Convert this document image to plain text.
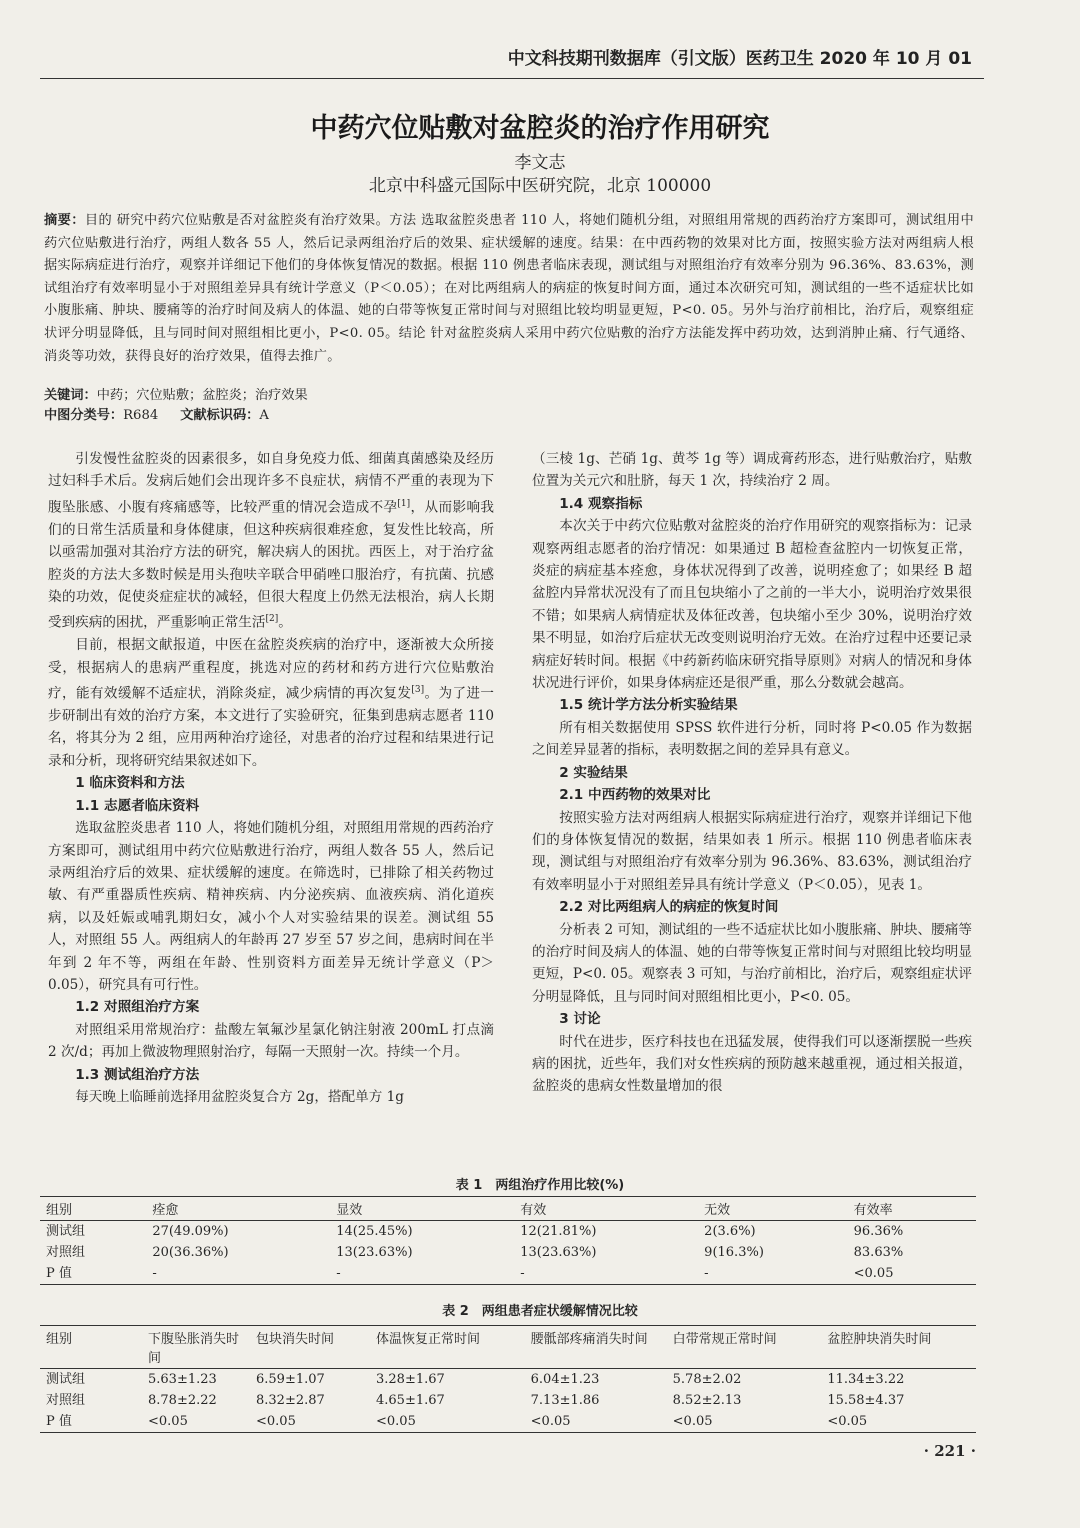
中文科技期刊数据库（引文版）医药卫生 2020 年 10 月 01
中药穴位贴敷对盆腔炎的治疗作用研究
李文志
北京中科盛元国际中医研究院，北京 100000
摘要：目的 研究中药穴位贴敷是否对盆腔炎有治疗效果。方法 选取盆腔炎患者 110 人，将她们随机分组，对照组用常规的西药治疗方案即可，测试组用中药穴位贴敷进行治疗，两组人数各 55 人，然后记录两组治疗后的效果、症状缓解的速度。结果：在中西药物的效果对比方面，按照实验方法对两组病人根据实际病症进行治疗，观察并详细记下他们的身体恢复情况的数据。根据 110 例患者临床表现，测试组与对照组治疗有效率分别为 96.36%、83.63%，测试组治疗有效率明显小于对照组差异具有统计学意义（P＜0.05）；在对比两组病人的病症的恢复时间方面，通过本次研究可知，测试组的一些不适症状比如小腹胀痛、肿块、腰痛等的治疗时间及病人的体温、她的白带等恢复正常时间与对照组比较均明显更短，P<0. 05。另外与治疗前相比，治疗后，观察组症状评分明显降低，且与同时间对照组相比更小，P<0. 05。结论 针对盆腔炎病人采用中药穴位贴敷的治疗方法能发挥中药功效，达到消肿止痛、行气通络、消炎等功效，获得良好的治疗效果，值得去推广。
关键词：中药；穴位贴敷；盆腔炎；治疗效果
中图分类号：R684 文献标识码：A

引发慢性盆腔炎的因素很多，如自身免疫力低、细菌真菌感染及经历过妇科手术后。发病后她们会出现许多不良症状，病情不严重的表现为下腹坠胀感、小腹有疼痛感等，比较严重的情况会造成不孕[1]，从而影响我们的日常生活质量和身体健康，但这种疾病很难痊愈，复发性比较高，所以亟需加强对其治疗方法的研究，解决病人的困扰。西医上，对于治疗盆腔炎的方法大多数时候是用头孢呋辛联合甲硝唑口服治疗，有抗菌、抗感染的功效，促使炎症症状的减轻，但很大程度上仍然无法根治，病人长期受到疾病的困扰，严重影响正常生活[2]。

目前，根据文献报道，中医在盆腔炎疾病的治疗中，逐渐被大众所接受，根据病人的患病严重程度，挑选对应的药材和药方进行穴位贴敷治疗，能有效缓解不适症状，消除炎症，减少病情的再次复发[3]。为了进一步研制出有效的治疗方案，本文进行了实验研究，征集到患病志愿者 110 名，将其分为 2 组，应用两种治疗途径，对患者的治疗过程和结果进行记录和分析，现将研究结果叙述如下。

1 临床资料和方法
1.1 志愿者临床资料

选取盆腔炎患者 110 人，将她们随机分组，对照组用常规的西药治疗方案即可，测试组用中药穴位贴敷进行治疗，两组人数各 55 人，然后记录两组治疗后的效果、症状缓解的速度。在筛选时，已排除了相关药物过敏、有严重器质性疾病、精神疾病、内分泌疾病、血液疾病、消化道疾病，以及妊娠或哺乳期妇女，减小个人对实验结果的误差。测试组 55 人，对照组 55 人。两组病人的年龄再 27 岁至 57 岁之间，患病时间在半年到 2 年不等，两组在年龄、性别资料方面差异无统计学意义（P＞0.05），研究具有可行性。

1.2 对照组治疗方案

对照组采用常规治疗：盐酸左氧氟沙星氯化钠注射液 200mL 打点滴 2 次/d；再加上微波物理照射治疗，每隔一天照射一次。持续一个月。

1.3 测试组治疗方法

每天晚上临睡前选择用盆腔炎复合方 2g，搭配单方 1g

（三棱 1g、芒硝 1g、黄芩 1g 等）调成膏药形态，进行贴敷治疗，贴敷位置为关元穴和肚脐，每天 1 次，持续治疗 2 周。

1.4 观察指标

本次关于中药穴位贴敷对盆腔炎的治疗作用研究的观察指标为：记录观察两组志愿者的治疗情况：如果通过 B 超检查盆腔内一切恢复正常，炎症的病症基本痊愈，身体状况得到了改善，说明痊愈了；如果经 B 超盆腔内异常状况没有了而且包块缩小了之前的一半大小，说明治疗效果很不错；如果病人病情症状及体征改善，包块缩小至少 30%，说明治疗效果不明显，如治疗后症状无改变则说明治疗无效。在治疗过程中还要记录病症好转时间。根据《中药新药临床研究指导原则》对病人的情况和身体状况进行评价，如果身体病症还是很严重，那么分数就会越高。

1.5 统计学方法分析实验结果

所有相关数据使用 SPSS 软件进行分析，同时将 P<0.05 作为数据之间差异显著的指标，表明数据之间的差异具有意义。

2 实验结果
2.1 中西药物的效果对比

按照实验方法对两组病人根据实际病症进行治疗，观察并详细记下他们的身体恢复情况的数据，结果如表 1 所示。根据 110 例患者临床表现，测试组与对照组治疗有效率分别为 96.36%、83.63%，测试组治疗有效率明显小于对照组差异具有统计学意义（P＜0.05），见表 1。

2.2 对比两组病人的病症的恢复时间

分析表 2 可知，测试组的一些不适症状比如小腹胀痛、肿块、腰痛等的治疗时间及病人的体温、她的白带等恢复正常时间与对照组比较均明显更短，P<0. 05。观察表 3 可知，与治疗前相比，治疗后，观察组症状评分明显降低，且与同时间对照组相比更小，P<0. 05。

3 讨论

时代在进步，医疗科技也在迅猛发展，使得我们可以逐渐摆脱一些疾病的困扰，近些年，我们对女性疾病的预防越来越重视，通过相关报道，盆腔炎的患病女性数量增加的很

表 1　两组治疗作用比较(%)
组别	痊愈	显效	有效	无效	有效率
测试组	27(49.09%)	14(25.45%)	12(21.81%)	2(3.6%)	96.36%
对照组	20(36.36%)	13(23.63%)	13(23.63%)	9(16.3%)	83.63%
P 值	-	-	-	-	<0.05
表 2　两组患者症状缓解情况比较
组别	下腹坠胀消失时间	包块消失时间	体温恢复正常时间	腰骶部疼痛消失时间	白带常规正常时间	盆腔肿块消失时间
测试组	5.63±1.23	6.59±1.07	3.28±1.67	6.04±1.23	5.78±2.02	11.34±3.22
对照组	8.78±2.22	8.32±2.87	4.65±1.67	7.13±1.86	8.52±2.13	15.58±4.37
P 值	<0.05	<0.05	<0.05	<0.05	<0.05	<0.05
· 221 ·
